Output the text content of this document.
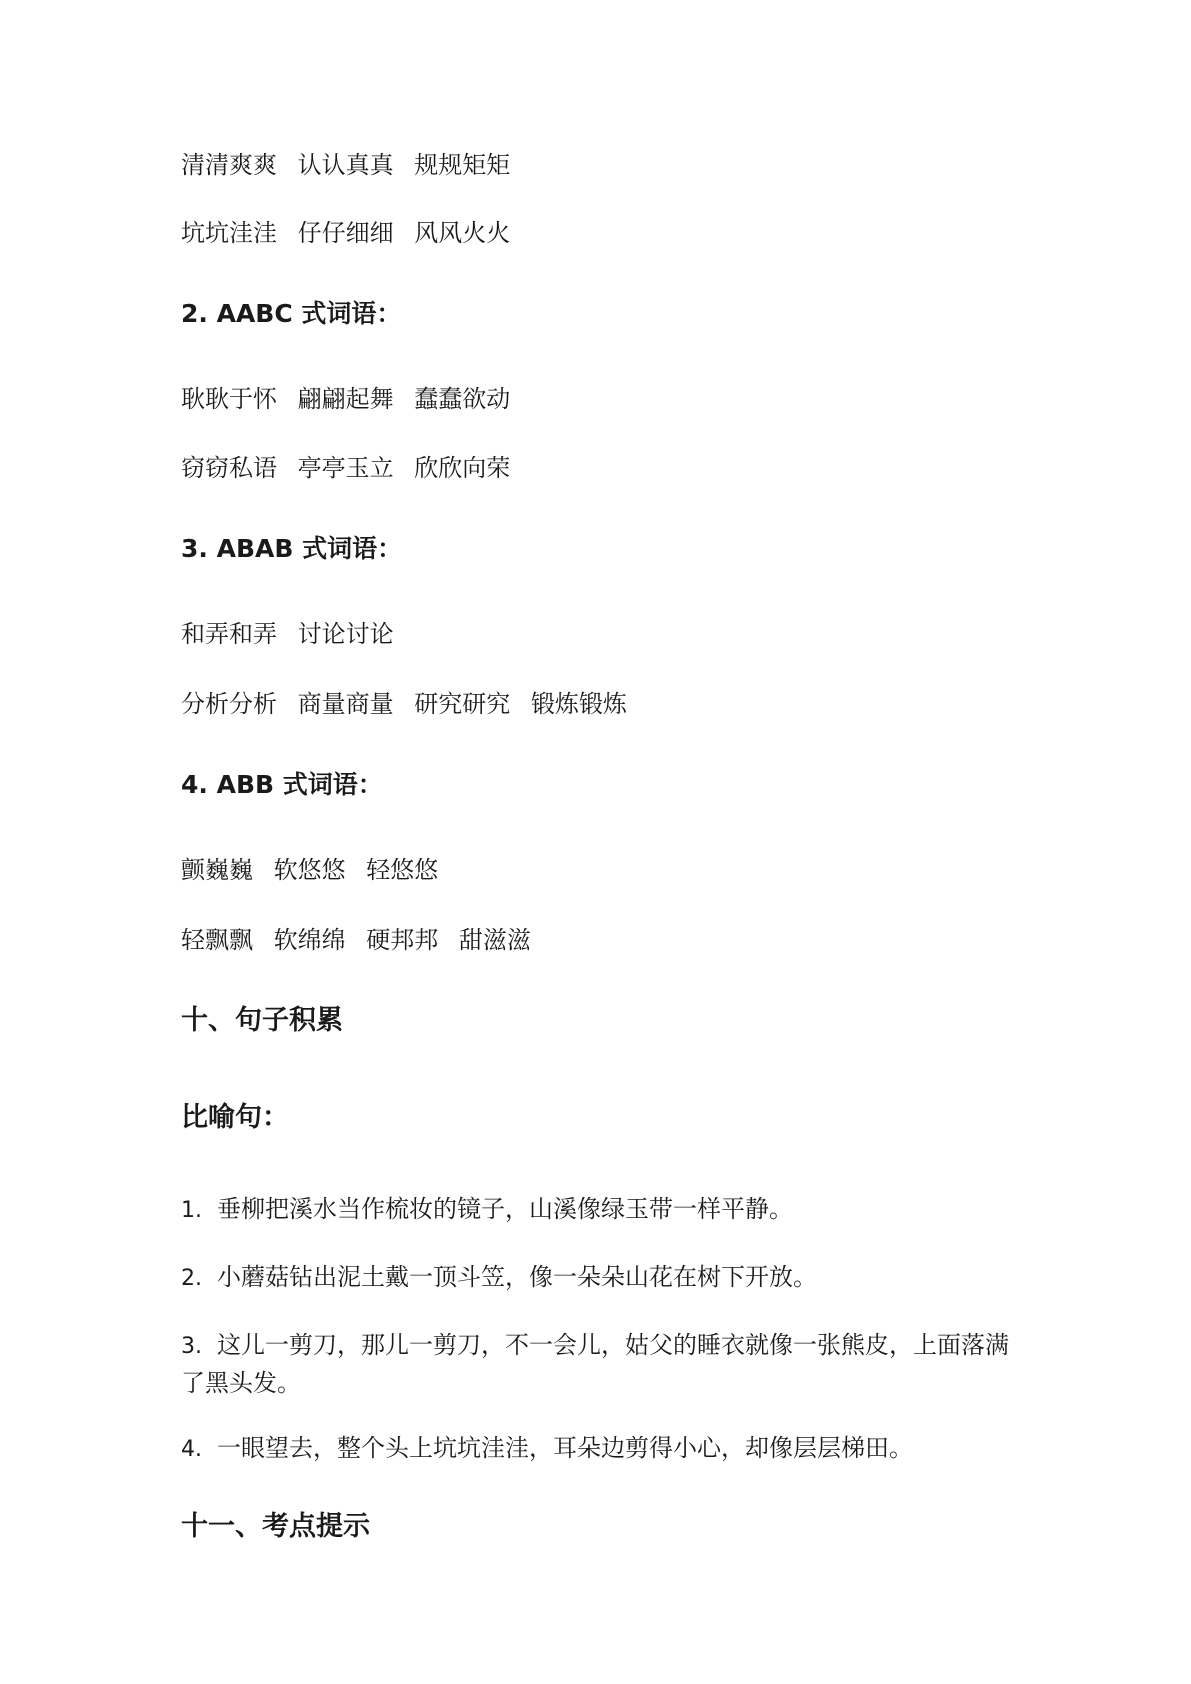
清清爽爽 认认真真 规规矩矩
坑坑洼洼 仔仔细细 风风火火
2. AABC 式词语：
耿耿于怀 翩翩起舞 蠢蠢欲动
窃窃私语 亭亭玉立 欣欣向荣
3. ABAB 式词语：
和弄和弄 讨论讨论
分析分析 商量商量 研究研究 锻炼锻炼
4. ABB 式词语：
颤巍巍 软悠悠 轻悠悠
轻飘飘 软绵绵 硬邦邦 甜滋滋
十、句子积累
比喻句：
1. 垂柳把溪水当作梳妆的镜子，山溪像绿玉带一样平静。
2. 小蘑菇钻出泥土戴一顶斗笠，像一朵朵山花在树下开放。
3. 这儿一剪刀，那儿一剪刀，不一会儿，姑父的睡衣就像一张熊皮，上面落满了黑头发。
4. 一眼望去，整个头上坑坑洼洼，耳朵边剪得小心，却像层层梯田。
十一、考点提示
